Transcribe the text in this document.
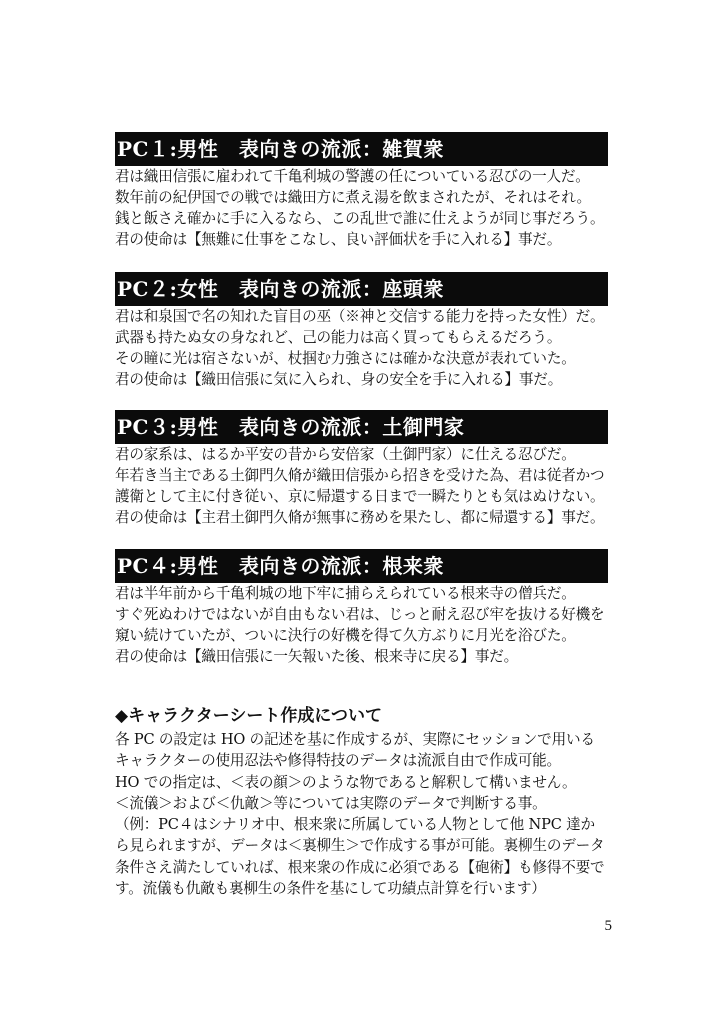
PC１:男性　表向きの流派：雑賀衆
君は織田信張に雇われて千亀利城の警護の任についている忍びの一人だ。
数年前の紀伊国での戦では織田方に煮え湯を飲まされたが、それはそれ。
銭と飯さえ確かに手に入るなら、この乱世で誰に仕えようが同じ事だろう。
君の使命は【無難に仕事をこなし、良い評価状を手に入れる】事だ。
PC２:女性　表向きの流派：座頭衆
君は和泉国で名の知れた盲目の巫（※神と交信する能力を持った女性）だ。
武器も持たぬ女の身なれど、己の能力は高く買ってもらえるだろう。
その瞳に光は宿さないが、杖掴む力強さには確かな決意が表れていた。
君の使命は【織田信張に気に入られ、身の安全を手に入れる】事だ。
PC３:男性　表向きの流派：土御門家
君の家系は、はるか平安の昔から安倍家（土御門家）に仕える忍びだ。
年若き当主である土御門久脩が織田信張から招きを受けた為、君は従者かつ
護衛として主に付き従い、京に帰還する日まで一瞬たりとも気はぬけない。
君の使命は【主君土御門久脩が無事に務めを果たし、都に帰還する】事だ。
PC４:男性　表向きの流派：根来衆
君は半年前から千亀利城の地下牢に捕らえられている根来寺の僧兵だ。
すぐ死ぬわけではないが自由もない君は、じっと耐え忍び牢を抜ける好機を
窺い続けていたが、ついに決行の好機を得て久方ぶりに月光を浴びた。
君の使命は【織田信張に一矢報いた後、根来寺に戻る】事だ。
◆キャラクターシート作成について
各 PC の設定は HO の記述を基に作成するが、実際にセッションで用いる
キャラクターの使用忍法や修得特技のデータは流派自由で作成可能。
HO での指定は、＜表の顔＞のような物であると解釈して構いません。
＜流儀＞および＜仇敵＞等については実際のデータで判断する事。
（例：PC４はシナリオ中、根来衆に所属している人物として他 NPC 達か
ら見られますが、データは＜裏柳生＞で作成する事が可能。裏柳生のデータ
条件さえ満たしていれば、根来衆の作成に必須である【砲術】も修得不要で
す。流儀も仇敵も裏柳生の条件を基にして功績点計算を行います）
5
